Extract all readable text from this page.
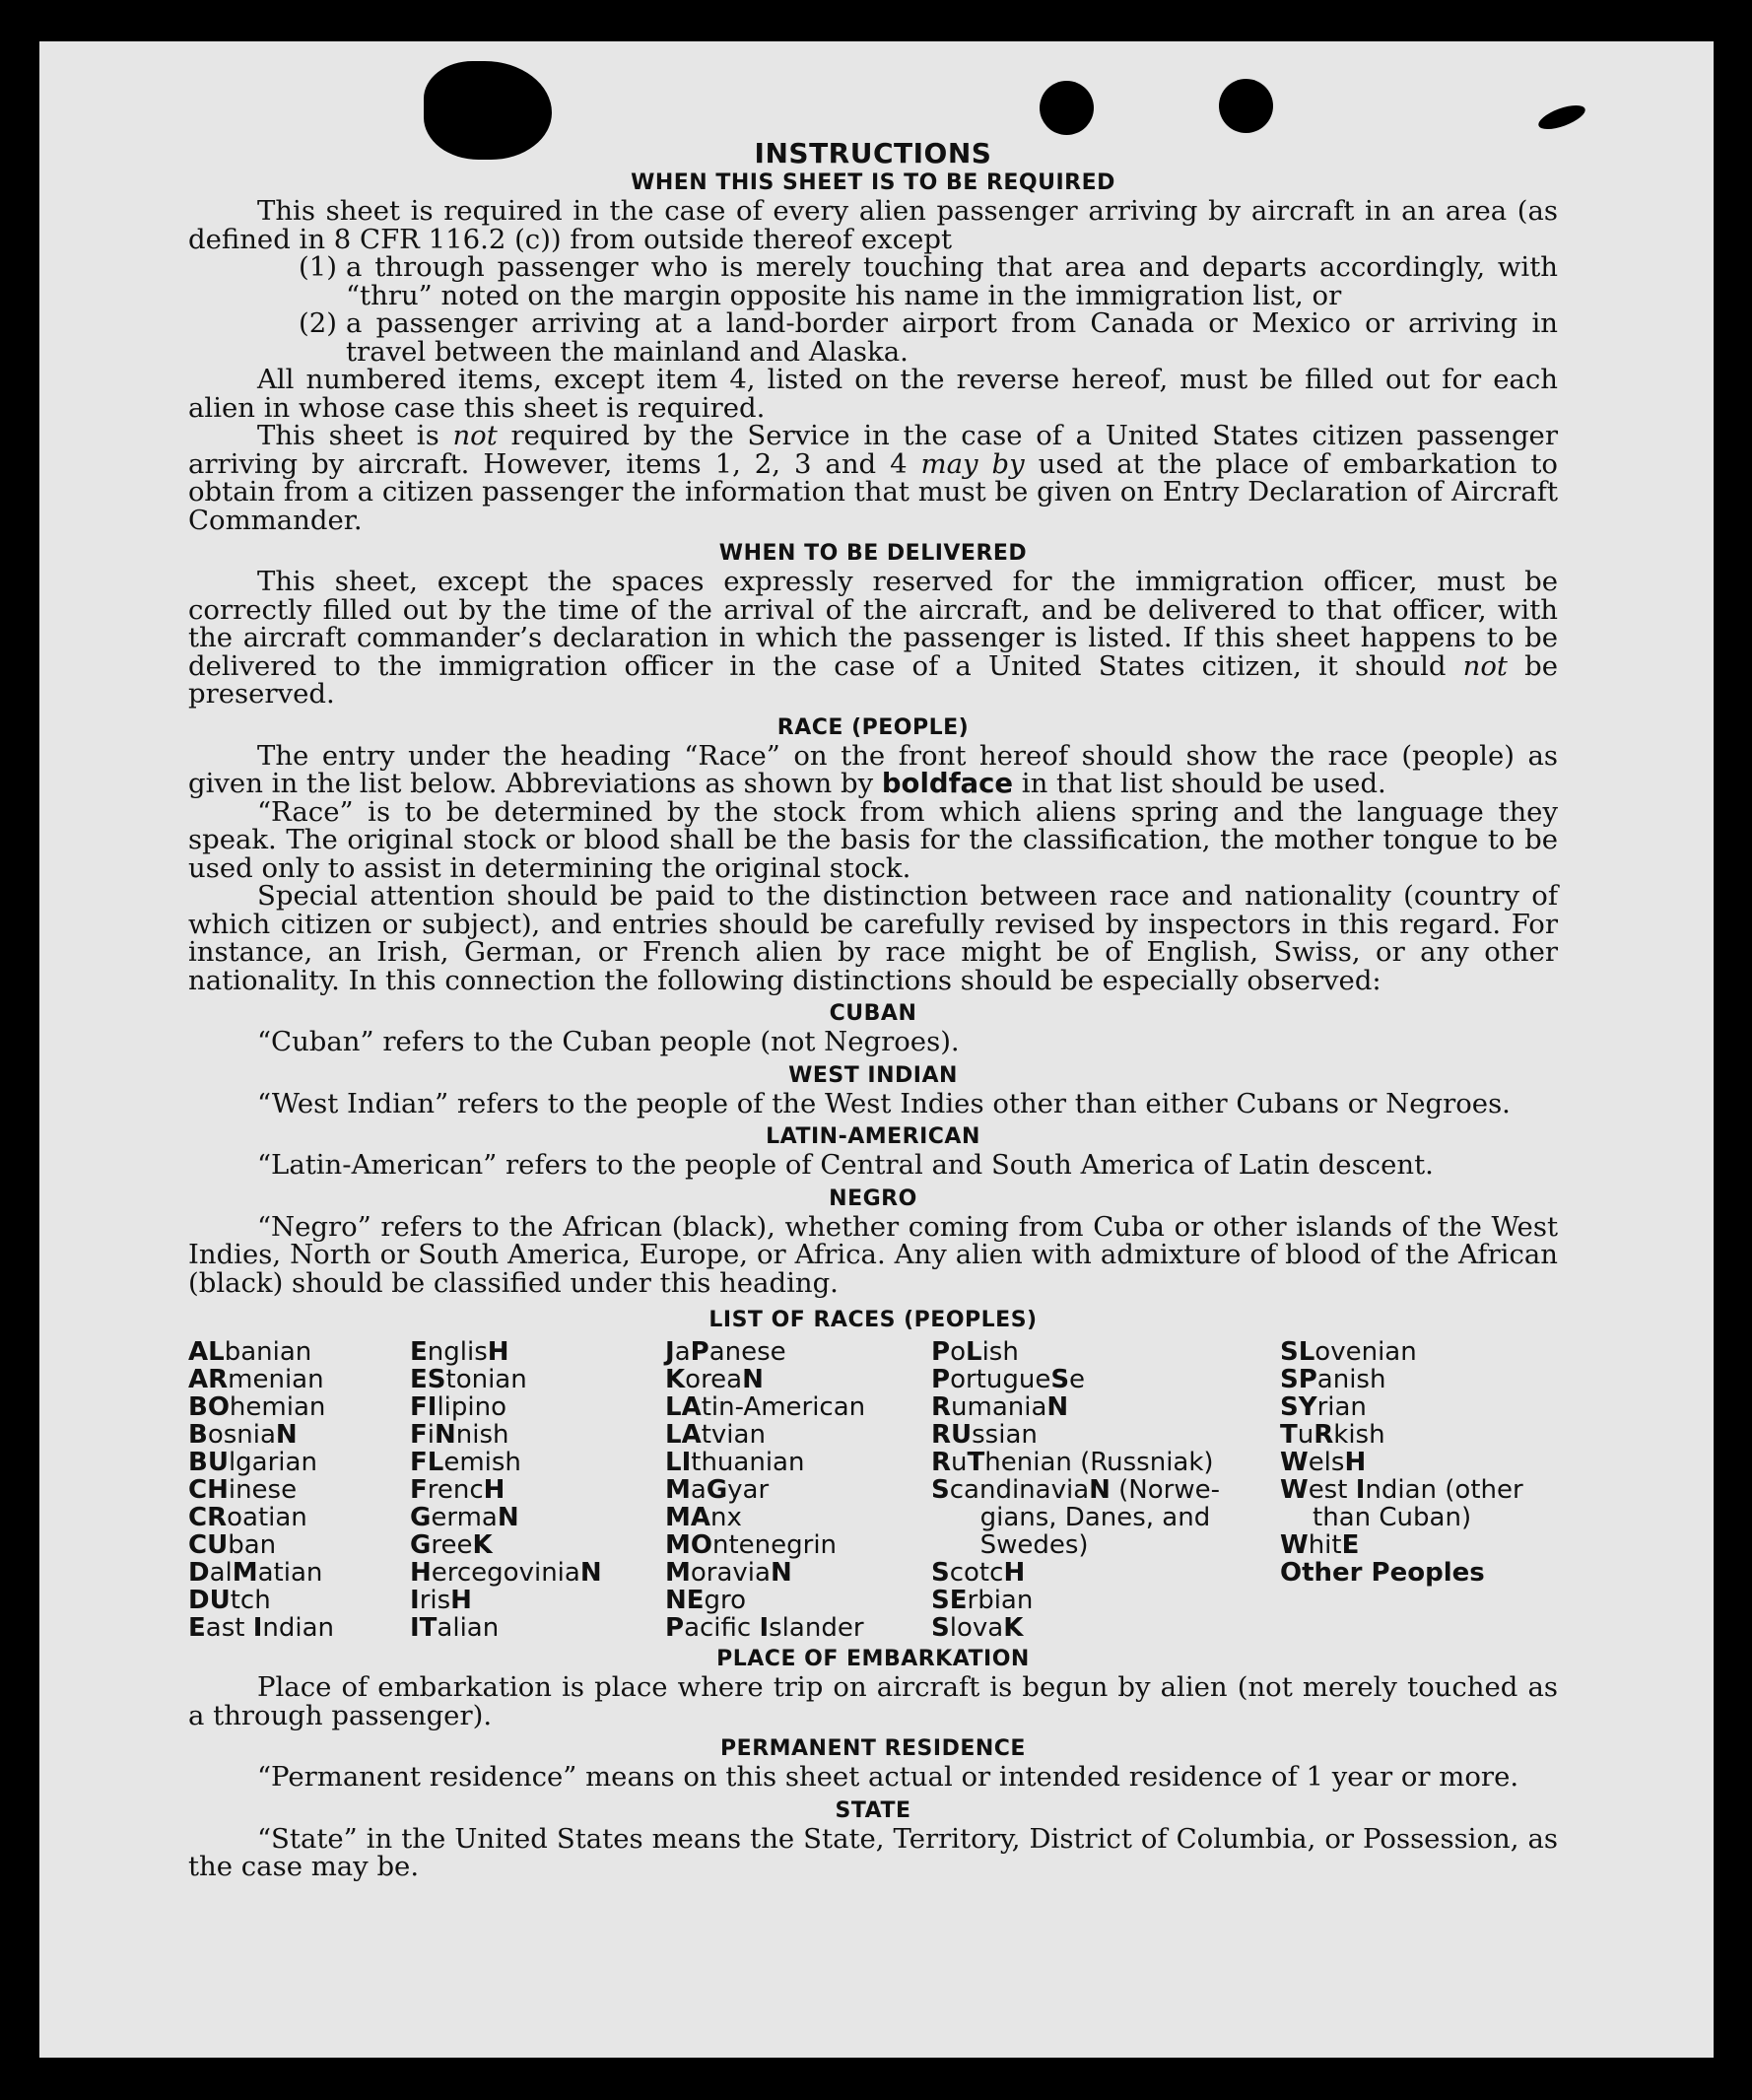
INSTRUCTIONS
WHEN THIS SHEET IS TO BE REQUIRED

This sheet is required in the case of every alien passenger arriving by aircraft in an area (as defined in 8 CFR 116.2 (c)) from outside thereof except

(1) a through passenger who is merely touching that area and departs accordingly, with “thru” noted on the margin opposite his name in the immigration list, or
(2) a passenger arriving at a land-border airport from Canada or Mexico or arriving in travel between the mainland and Alaska.

All numbered items, except item 4, listed on the reverse hereof, must be filled out for each alien in whose case this sheet is required.

This sheet is not required by the Service in the case of a United States citizen passenger arriving by aircraft. However, items 1, 2, 3 and 4 may by used at the place of embarkation to obtain from a citizen passenger the information that must be given on Entry Declaration of Aircraft Commander.

WHEN TO BE DELIVERED

This sheet, except the spaces expressly reserved for the immigration officer, must be correctly filled out by the time of the arrival of the aircraft, and be delivered to that officer, with the aircraft commander’s declaration in which the passenger is listed. If this sheet happens to be delivered to the immigration officer in the case of a United States citizen, it should not be preserved.

RACE (PEOPLE)

The entry under the heading “Race” on the front hereof should show the race (people) as given in the list below. Abbreviations as shown by boldface in that list should be used.

“Race” is to be determined by the stock from which aliens spring and the language they speak. The original stock or blood shall be the basis for the classification, the mother tongue to be used only to assist in determining the original stock.

Special attention should be paid to the distinction between race and nationality (country of which citizen or subject), and entries should be carefully revised by inspectors in this regard. For instance, an Irish, German, or French alien by race might be of English, Swiss, or any other nationality. In this connection the following distinctions should be especially observed:

CUBAN

“Cuban” refers to the Cuban people (not Negroes).

WEST INDIAN

“West Indian” refers to the people of the West Indies other than either Cubans or Negroes.

LATIN-AMERICAN

“Latin-American” refers to the people of Central and South America of Latin descent.

NEGRO

“Negro” refers to the African (black), whether coming from Cuba or other islands of the West Indies, North or South America, Europe, or Africa. Any alien with admixture of blood of the African (black) should be classified under this heading.

LIST OF RACES (PEOPLES)
ALbanian
ARmenian
BOhemian
BosniaN
BUlgarian
CHinese
CRoatian
CUban
DalMatian
DUtch
East Indian
EnglisH
EStonian
FIlipino
FiNnish
FLemish
FrencH
GermaN
GreeK
HercegoviniaN
IrisH
ITalian
JaPanese
KoreaN
LAtin-American
LAtvian
LIthuanian
MaGyar
MAnx
MOntenegrin
MoraviaN
NEgro
Pacific Islander
PoLish
PortugueSe
RumaniaN
RUssian
RuThenian (Russniak)
ScandinaviaN (Norwe-
gians, Danes, and
Swedes)
ScotcH
SErbian
SlovaK
SLovenian
SPanish
SYrian
TuRkish
WelsH
West Indian (other
than Cuban)
WhitE
Other Peoples
PLACE OF EMBARKATION

Place of embarkation is place where trip on aircraft is begun by alien (not merely touched as a through passenger).

PERMANENT RESIDENCE

“Permanent residence” means on this sheet actual or intended residence of 1 year or more.

STATE

“State” in the United States means the State, Territory, District of Columbia, or Possession, as the case may be.
